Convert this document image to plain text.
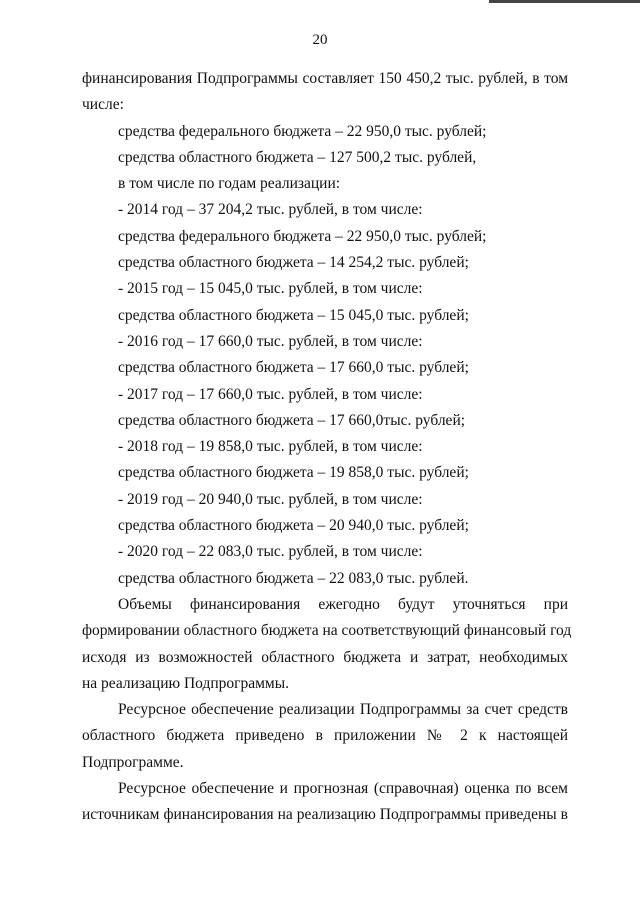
20

финансирования Подпрограммы составляет 150 450,2 тыс. рублей, в том

числе:

средства федерального бюджета – 22 950,0 тыс. рублей;

средства областного бюджета – 127 500,2 тыс. рублей,

в том числе по годам реализации:

- 2014 год – 37 204,2 тыс. рублей, в том числе:

средства федерального бюджета – 22 950,0 тыс. рублей;

средства областного бюджета – 14 254,2 тыс. рублей;

- 2015 год – 15 045,0 тыс. рублей, в том числе:

средства областного бюджета – 15 045,0 тыс. рублей;

- 2016 год – 17 660,0 тыс. рублей, в том числе:

средства областного бюджета – 17 660,0 тыс. рублей;

- 2017 год – 17 660,0 тыс. рублей, в том числе:

средства областного бюджета – 17 660,0тыс. рублей;

- 2018 год – 19 858,0 тыс. рублей, в том числе:

средства областного бюджета – 19 858,0 тыс. рублей;

- 2019 год – 20 940,0 тыс. рублей, в том числе:

средства областного бюджета – 20 940,0 тыс. рублей;

- 2020 год – 22 083,0 тыс. рублей, в том числе:

средства областного бюджета – 22 083,0 тыс. рублей.

Объемы финансирования ежегодно будут уточняться при

формировании областного бюджета на соответствующий финансовый год

исходя из возможностей областного бюджета и затрат, необходимых

на реализацию Подпрограммы.

Ресурсное обеспечение реализации Подпрограммы за счет средств

областного бюджета приведено в приложении № 2 к настоящей

Подпрограмме.

Ресурсное обеспечение и прогнозная (справочная) оценка по всем

источникам финансирования на реализацию Подпрограммы приведены в
